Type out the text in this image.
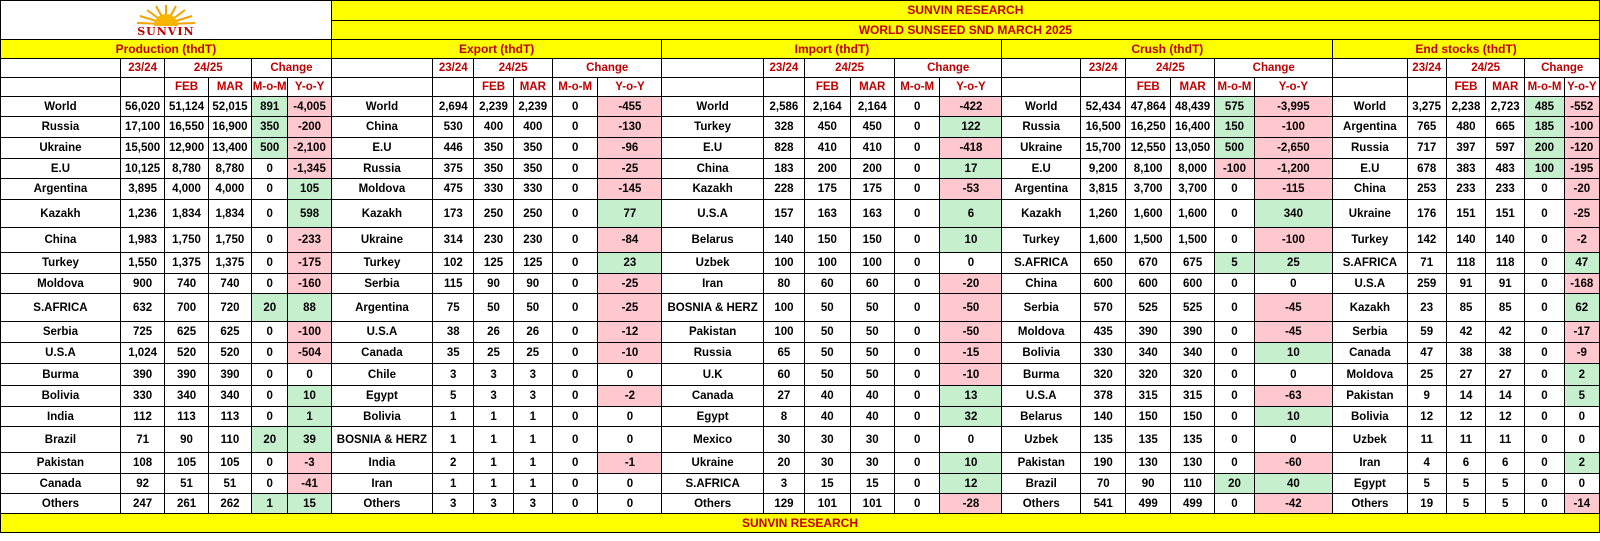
SUNVIN						SUNVIN RESEARCH																							
						WORLD SUNSEED SND MARCH 2025																							
Production (thdT)						Export (thdT)						Import (thdT)						Crush (thdT)						End stocks (thdT)					
	23/24	24/25		Change			23/24	24/25		Change			23/24	24/25		Change			23/24	24/25		Change			23/24	24/25		Change	
		FEB	MAR	M-o-M	Y-o-Y			FEB	MAR	M-o-M	Y-o-Y			FEB	MAR	M-o-M	Y-o-Y			FEB	MAR	M-o-M	Y-o-Y			FEB	MAR	M-o-M	Y-o-Y
World	56,020	51,124	52,015	891	-4,005	World	2,694	2,239	2,239	0	-455	World	2,586	2,164	2,164	0	-422	World	52,434	47,864	48,439	575	-3,995	World	3,275	2,238	2,723	485	-552
Russia	17,100	16,550	16,900	350	-200	China	530	400	400	0	-130	Turkey	328	450	450	0	122	Russia	16,500	16,250	16,400	150	-100	Argentina	765	480	665	185	-100
Ukraine	15,500	12,900	13,400	500	-2,100	E.U	446	350	350	0	-96	E.U	828	410	410	0	-418	Ukraine	15,700	12,550	13,050	500	-2,650	Russia	717	397	597	200	-120
E.U	10,125	8,780	8,780	0	-1,345	Russia	375	350	350	0	-25	China	183	200	200	0	17	E.U	9,200	8,100	8,000	-100	-1,200	E.U	678	383	483	100	-195
Argentina	3,895	4,000	4,000	0	105	Moldova	475	330	330	0	-145	Kazakh	228	175	175	0	-53	Argentina	3,815	3,700	3,700	0	-115	China	253	233	233	0	-20
Kazakh	1,236	1,834	1,834	0	598	Kazakh	173	250	250	0	77	U.S.A	157	163	163	0	6	Kazakh	1,260	1,600	1,600	0	340	Ukraine	176	151	151	0	-25
China	1,983	1,750	1,750	0	-233	Ukraine	314	230	230	0	-84	Belarus	140	150	150	0	10	Turkey	1,600	1,500	1,500	0	-100	Turkey	142	140	140	0	-2
Turkey	1,550	1,375	1,375	0	-175	Turkey	102	125	125	0	23	Uzbek	100	100	100	0	0	S.AFRICA	650	670	675	5	25	S.AFRICA	71	118	118	0	47
Moldova	900	740	740	0	-160	Serbia	115	90	90	0	-25	Iran	80	60	60	0	-20	China	600	600	600	0	0	U.S.A	259	91	91	0	-168
S.AFRICA	632	700	720	20	88	Argentina	75	50	50	0	-25	BOSNIA & HERZ	100	50	50	0	-50	Serbia	570	525	525	0	-45	Kazakh	23	85	85	0	62
Serbia	725	625	625	0	-100	U.S.A	38	26	26	0	-12	Pakistan	100	50	50	0	-50	Moldova	435	390	390	0	-45	Serbia	59	42	42	0	-17
U.S.A	1,024	520	520	0	-504	Canada	35	25	25	0	-10	Russia	65	50	50	0	-15	Bolivia	330	340	340	0	10	Canada	47	38	38	0	-9
Burma	390	390	390	0	0	Chile	3	3	3	0	0	U.K	60	50	50	0	-10	Burma	320	320	320	0	0	Moldova	25	27	27	0	2
Bolivia	330	340	340	0	10	Egypt	5	3	3	0	-2	Canada	27	40	40	0	13	U.S.A	378	315	315	0	-63	Pakistan	9	14	14	0	5
India	112	113	113	0	1	Bolivia	1	1	1	0	0	Egypt	8	40	40	0	32	Belarus	140	150	150	0	10	Bolivia	12	12	12	0	0
Brazil	71	90	110	20	39	BOSNIA & HERZ	1	1	1	0	0	Mexico	30	30	30	0	0	Uzbek	135	135	135	0	0	Uzbek	11	11	11	0	0
Pakistan	108	105	105	0	-3	India	2	1	1	0	-1	Ukraine	20	30	30	0	10	Pakistan	190	130	130	0	-60	Iran	4	6	6	0	2
Canada	92	51	51	0	-41	Iran	1	1	1	0	0	S.AFRICA	3	15	15	0	12	Brazil	70	90	110	20	40	Egypt	5	5	5	0	0
Others	247	261	262	1	15	Others	3	3	3	0	0	Others	129	101	101	0	-28	Others	541	499	499	0	-42	Others	19	5	5	0	-14
SUNVIN RESEARCH																													
